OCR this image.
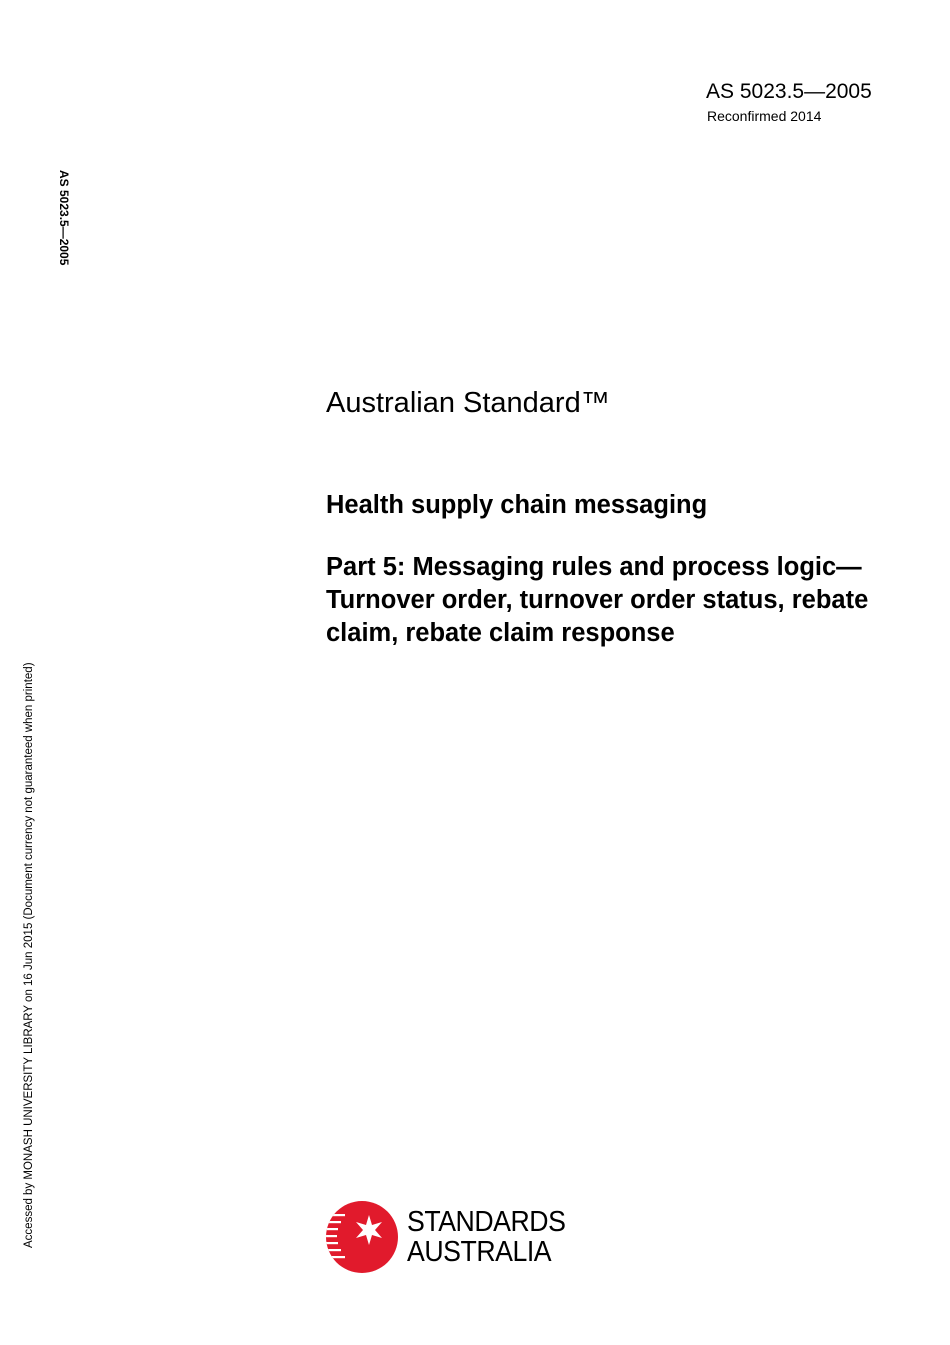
AS 5023.5—2005
Reconfirmed 2014
AS 5023.5—2005
Accessed by MONASH UNIVERSITY LIBRARY on 16 Jun 2015 (Document currency not guaranteed when printed)
Australian Standard™
Health supply chain messaging
Part 5: Messaging rules and process logic—Turnover order, turnover order status, rebate claim, rebate claim response
STANDARDS
AUSTRALIA
